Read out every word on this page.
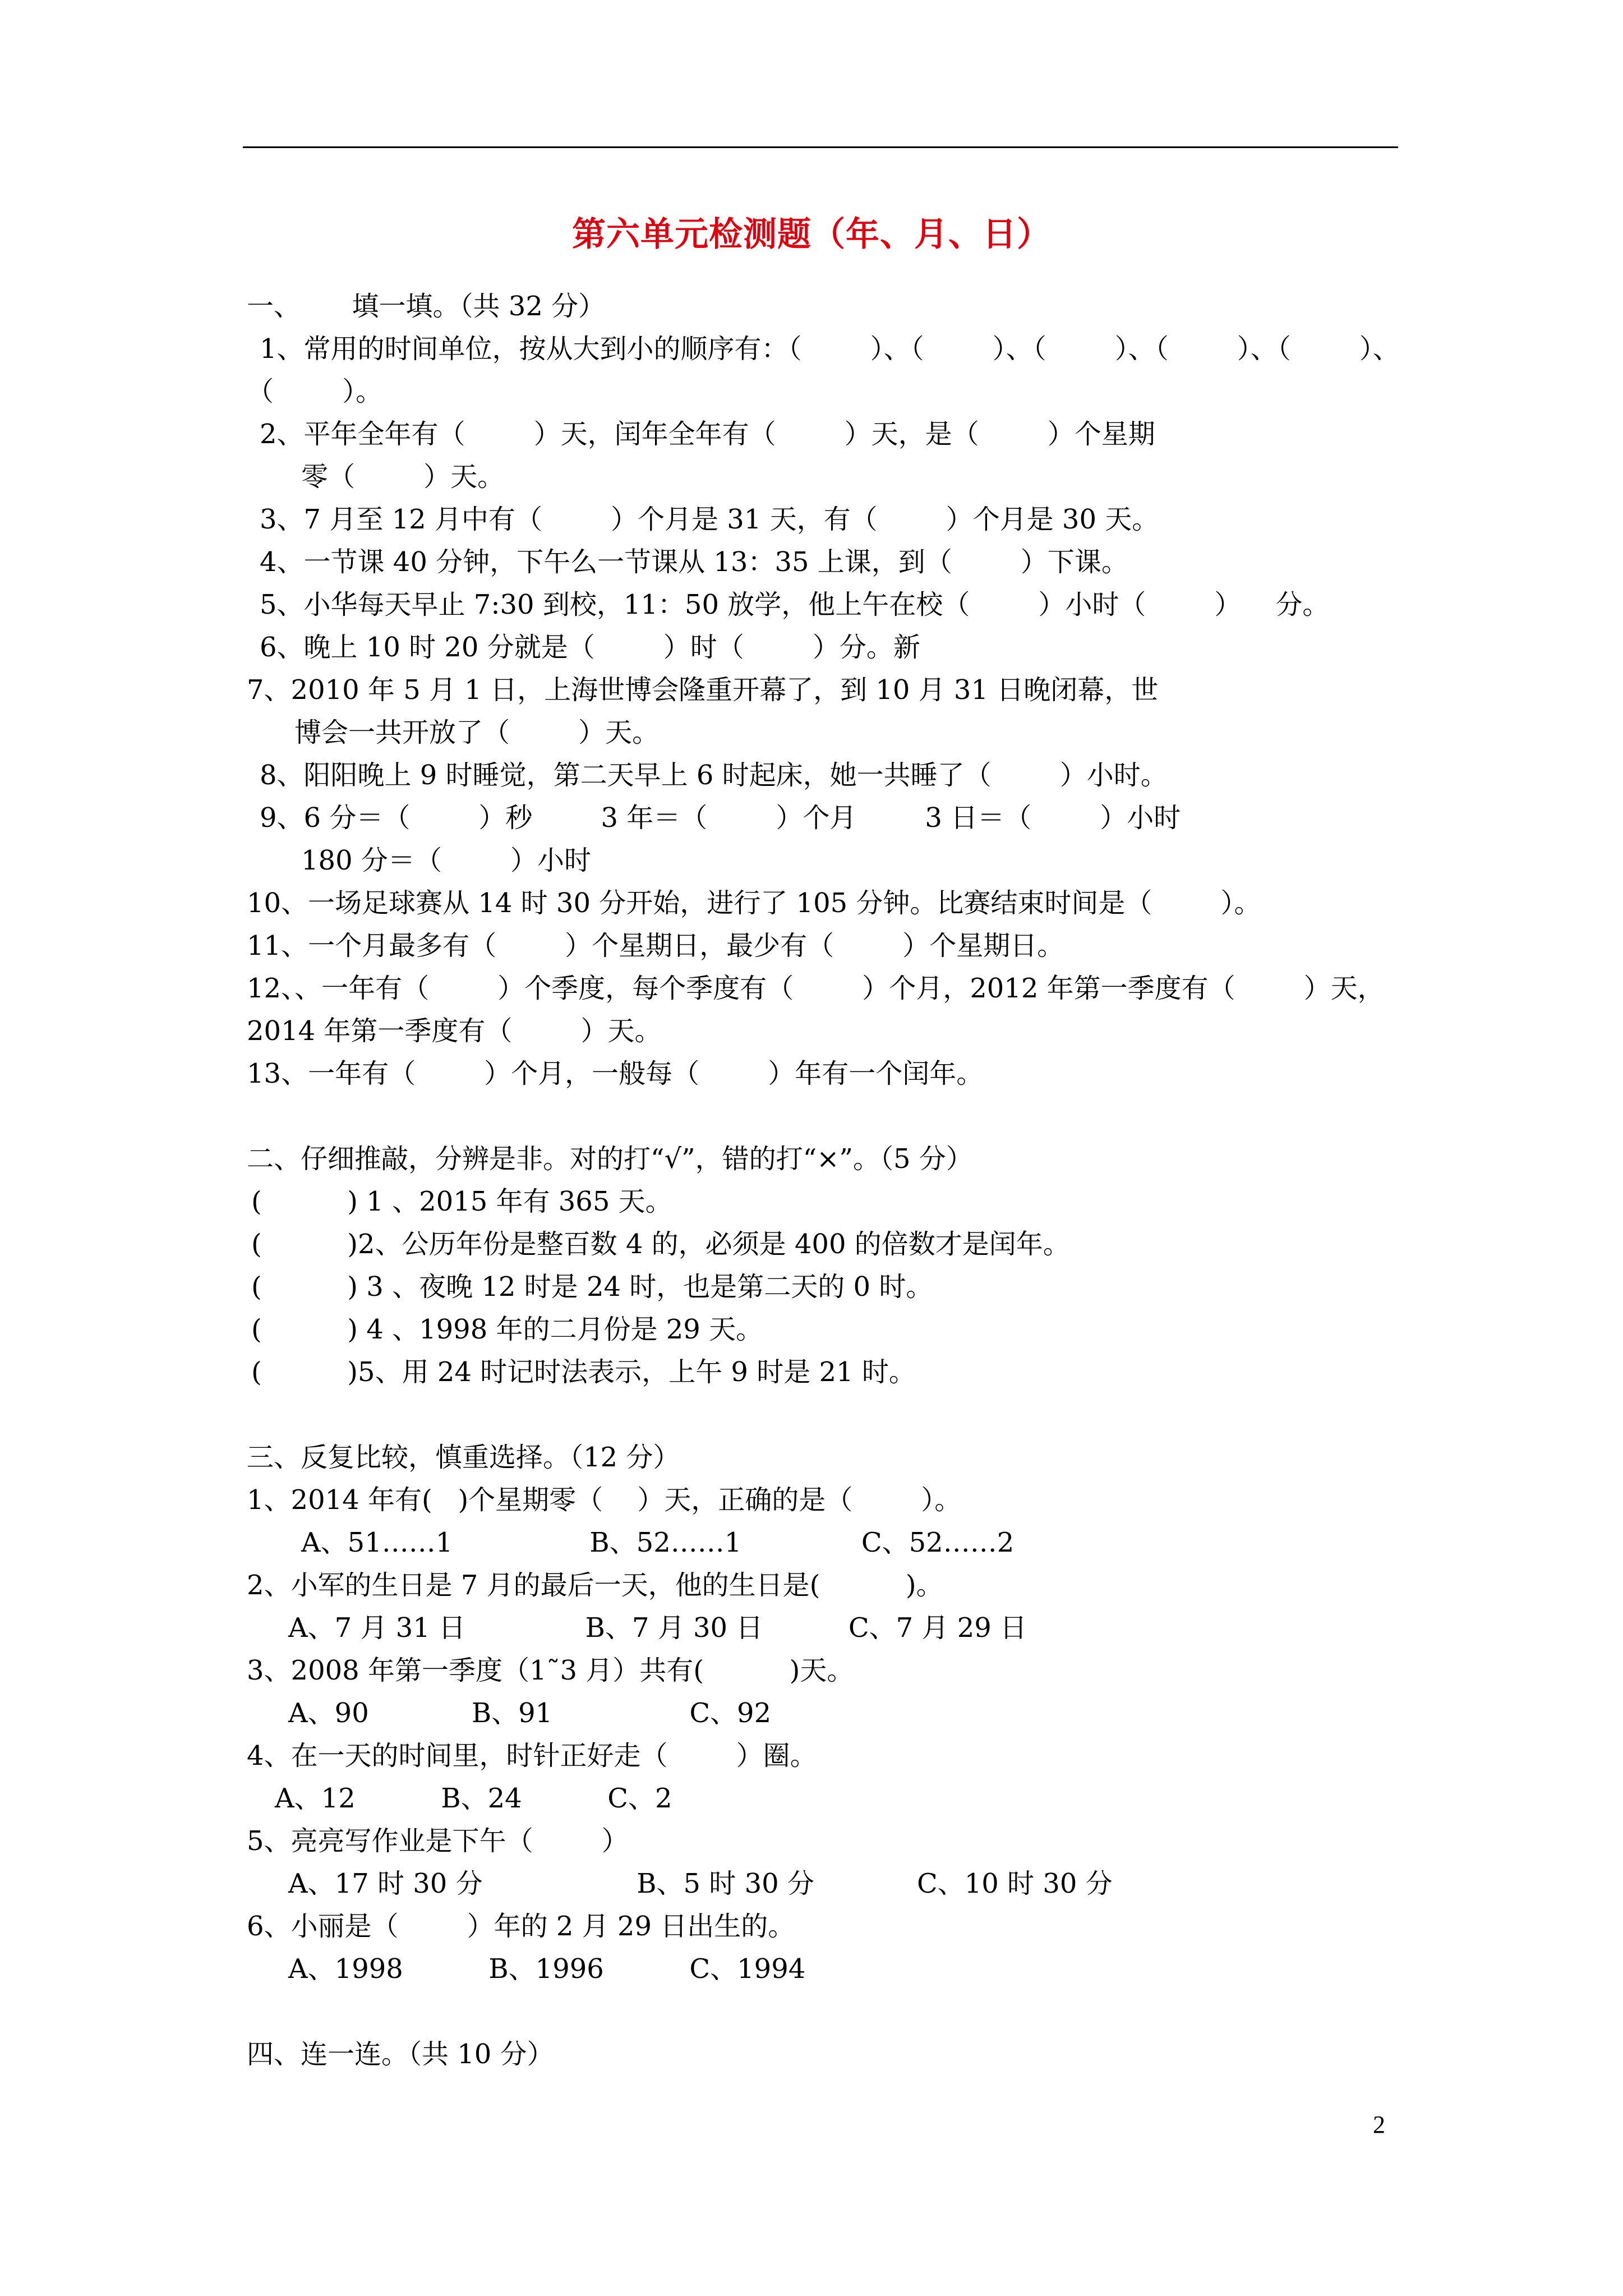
第六单元检测题（年、月、日）
一、      填一填。（共 32 分）
1、常用的时间单位，按从大到小的顺序有：（        ）、（        ）、（        ）、（        ）、（        ）、
（        ）。
2、平年全年有（        ）天，闰年全年有（        ）天，是（        ）个星期
零（        ）天。
3、7 月至 12 月中有（        ）个月是 31 天，有（        ）个月是 30 天。
4、一节课 40 分钟，下午么一节课从 13：35 上课，到（        ）下课。
5、小华每天早止 7:30 到校，11：50 放学，他上午在校（        ）小时（        ）    分。
6、晚上 10 时 20 分就是（        ）时（        ）分。新
7、2010 年 5 月 1 日，上海世博会隆重开幕了，到 10 月 31 日晚闭幕，世
博会一共开放了（        ）天。
8、阳阳晚上 9 时睡觉，第二天早上 6 时起床，她一共睡了（        ）小时。
9、6 分＝（        ）秒        3 年＝（        ）个月        3 日＝（        ）小时
180 分＝（        ）小时
10、一场足球赛从 14 时 30 分开始，进行了 105 分钟。比赛结束时间是（        ）。
11、一个月最多有（        ）个星期日，最少有（        ）个星期日。
12、、一年有（        ）个季度，每个季度有（        ）个月，2012 年第一季度有（        ）天，
2014 年第一季度有（        ）天。
13、一年有（        ）个月，一般每（        ）年有一个闰年。
二、仔细推敲，分辨是非。对的打“√”，错的打“×”。（5 分）
(          ) 1 、2015 年有 365 天。
(          )2、公历年份是整百数 4 的，必须是 400 的倍数才是闰年。
(          ) 3 、夜晚 12 时是 24 时，也是第二天的 0 时。
(          ) 4 、1998 年的二月份是 29 天。
(          )5、用 24 时记时法表示，上午 9 时是 21 时。
三、反复比较，慎重选择。（12 分）
1、2014 年有(   )个星期零（    ）天，正确的是（        ）。
A、51……1                B、52……1              C、52……2
2、小军的生日是 7 月的最后一天，他的生日是(          )。
A、7 月 31 日              B、7 月 30 日          C、7 月 29 日
3、2008 年第一季度（1˜3 月）共有(          )天。
A、90            B、91                C、92
4、在一天的时间里，时针正好走（        ）圈。
A、12          B、24          C、2
5、亮亮写作业是下午（        ）
A、17 时 30 分                  B、5 时 30 分            C、10 时 30 分
6、小丽是（        ）年的 2 月 29 日出生的。
A、1998          B、1996          C、1994
四、连一连。（共 10 分）
2
